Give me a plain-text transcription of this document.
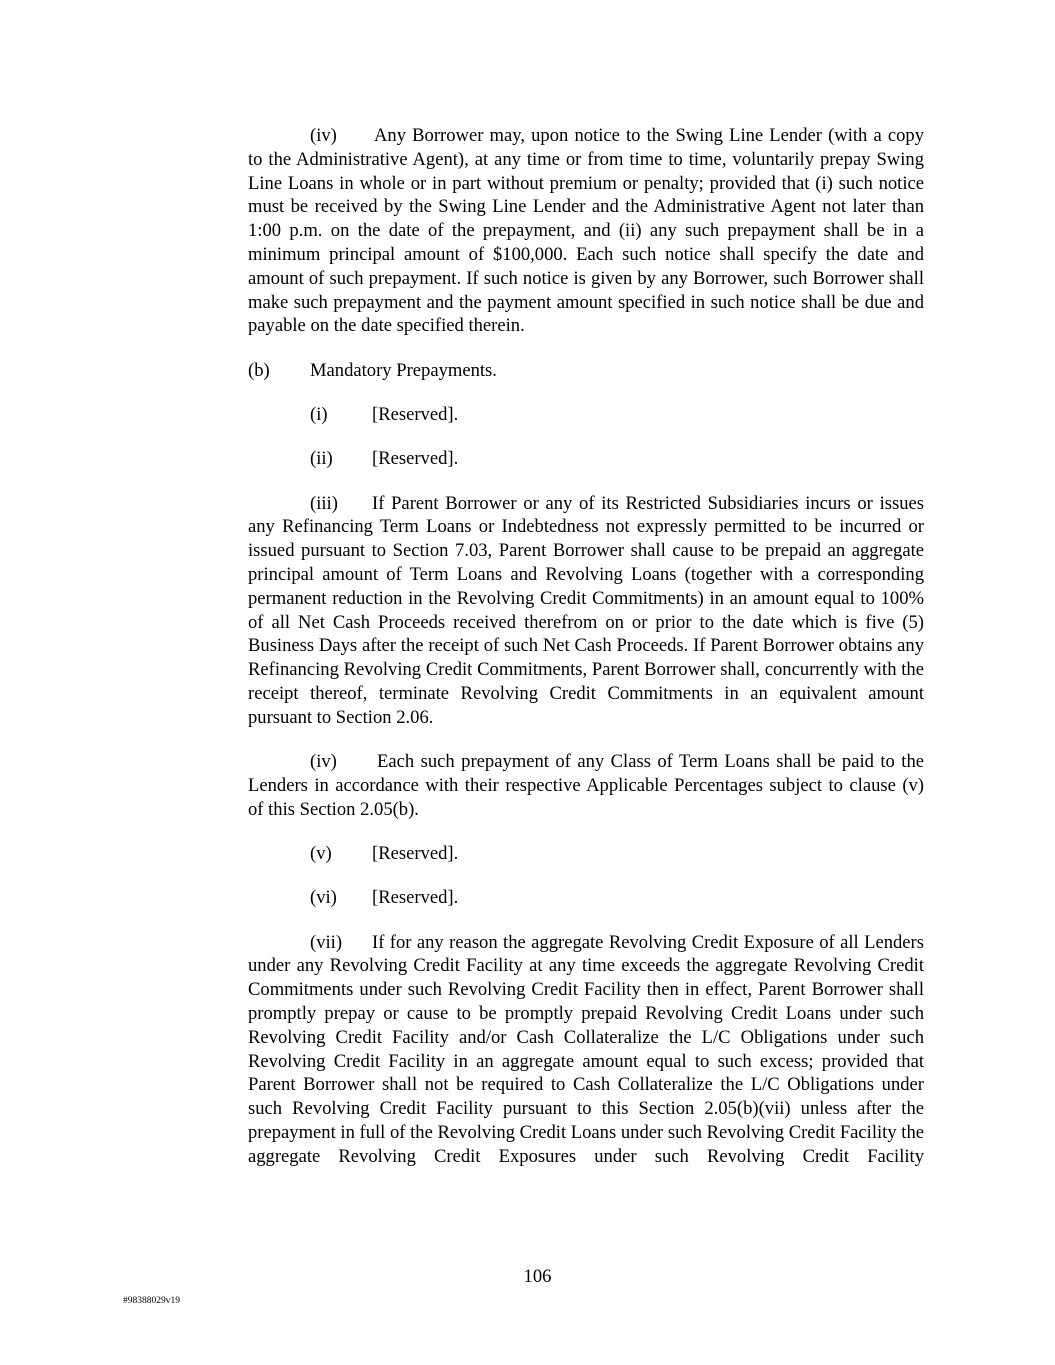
(iv) Any Borrower may, upon notice to the Swing Line Lender (with a copy to the Administrative Agent), at any time or from time to time, voluntarily prepay Swing Line Loans in whole or in part without premium or penalty; provided that (i) such notice must be received by the Swing Line Lender and the Administrative Agent not later than 1:00 p.m. on the date of the prepayment, and (ii) any such prepayment shall be in a minimum principal amount of $100,000. Each such notice shall specify the date and amount of such prepayment. If such notice is given by any Borrower, such Borrower shall make such prepayment and the payment amount specified in such notice shall be due and payable on the date specified therein.

(b) Mandatory Prepayments.
(i) [Reserved].
(ii) [Reserved].

(iii) If Parent Borrower or any of its Restricted Subsidiaries incurs or issues any Refinancing Term Loans or Indebtedness not expressly permitted to be incurred or issued pursuant to Section 7.03, Parent Borrower shall cause to be prepaid an aggregate principal amount of Term Loans and Revolving Loans (together with a corresponding permanent reduction in the Revolving Credit Commitments) in an amount equal to 100% of all Net Cash Proceeds received therefrom on or prior to the date which is five (5) Business Days after the receipt of such Net Cash Proceeds. If Parent Borrower obtains any Refinancing Revolving Credit Commitments, Parent Borrower shall, concurrently with the receipt thereof, terminate Revolving Credit Commitments in an equivalent amount pursuant to Section 2.06.

(iv) Each such prepayment of any Class of Term Loans shall be paid to the Lenders in accordance with their respective Applicable Percentages subject to clause (v) of this Section 2.05(b).

(v) [Reserved].
(vi) [Reserved].

(vii) If for any reason the aggregate Revolving Credit Exposure of all Lenders under any Revolving Credit Facility at any time exceeds the aggregate Revolving Credit Commitments under such Revolving Credit Facility then in effect, Parent Borrower shall promptly prepay or cause to be promptly prepaid Revolving Credit Loans under such Revolving Credit Facility and/or Cash Collateralize the L/C Obligations under such Revolving Credit Facility in an aggregate amount equal to such excess; provided that Parent Borrower shall not be required to Cash Collateralize the L/C Obligations under such Revolving Credit Facility pursuant to this Section 2.05(b)(vii) unless after the prepayment in full of the Revolving Credit Loans under such Revolving Credit Facility the aggregate Revolving Credit Exposures under such Revolving Credit Facility

106
#98388029v19
